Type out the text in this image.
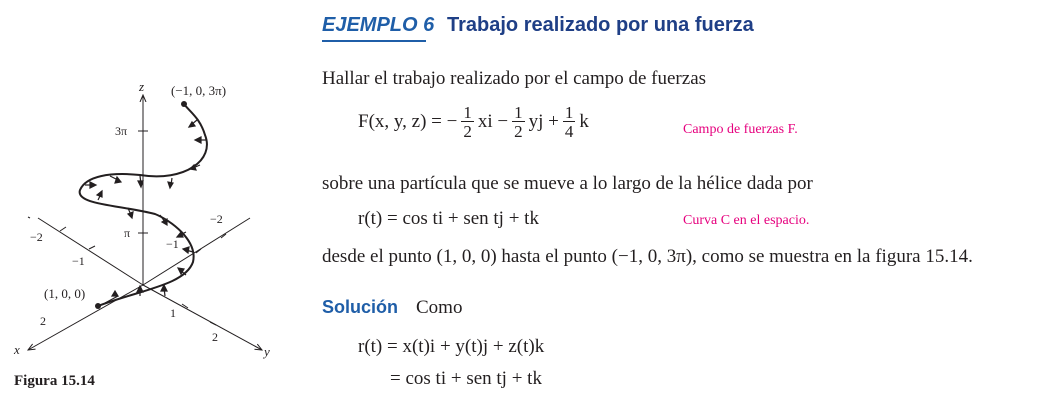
z
x	y
3π
π
−2
−1
1
2
−2
−1
2
(1, 0, 0)
(−1, 0, 3π)
Figura 15.14
EJEMPLO 6 Trabajo realizado por una fuerza
Hallar el trabajo realizado por el campo de fuerzas
F(x, y, z) = − $\frac{1}{2}$ xi − $\frac{1}{2}$ yj + $\frac{1}{4}$ k	Campo de fuerzas F.
sobre una partícula que se mueve a lo largo de la hélice dada por
r(t) = cos ti + sen tj + tk	Curva C en el espacio.
desde el punto (1, 0, 0) hasta el punto (−1, 0, 3π), como se muestra en la figura 15.14.
Solución Como
r(t) = x(t)i + y(t)j + z(t)k
= cos ti + sen tj + tk
